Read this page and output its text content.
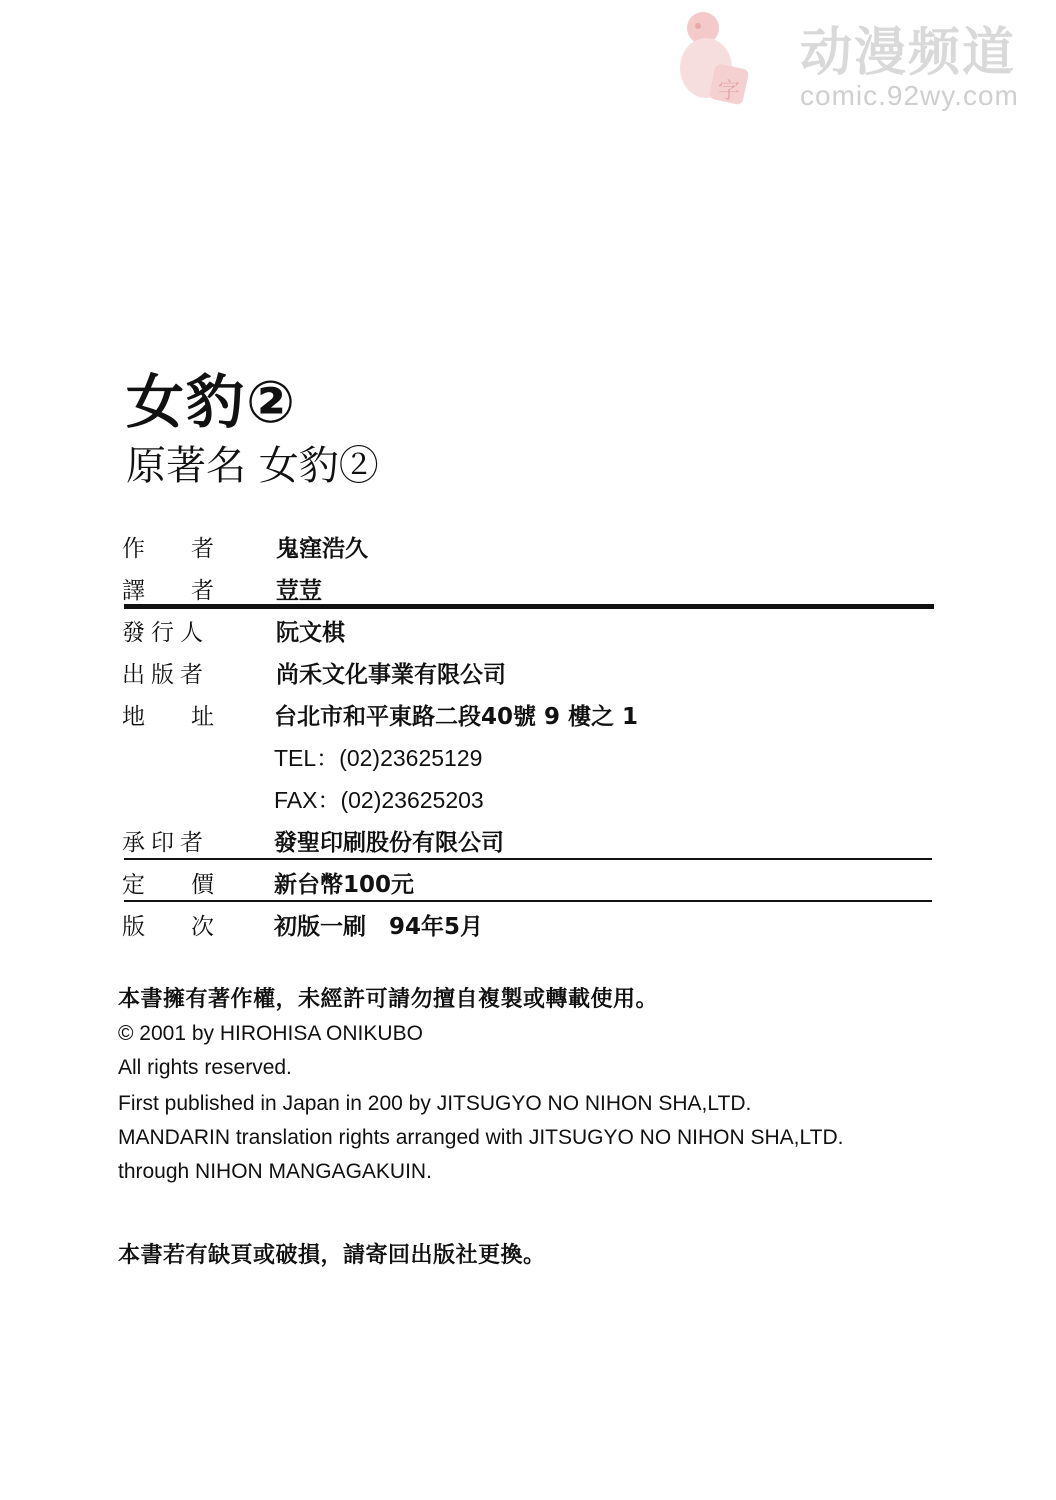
字
动漫频道
comic.92wy.com
女豹②
原著名 女豹②
作　　者	鬼窪浩久
譯　　者	荳荳
發行人	阮文棋
出版者	尚禾文化事業有限公司
地　　址	台北市和平東路二段40號 9 樓之 1
TEL：(02)23625129
FAX：(02)23625203
承印者	發聖印刷股份有限公司
定　　價	新台幣100元
版　　次	初版一刷　94年5月
本書擁有著作權，未經許可請勿擅自複製或轉載使用。
© 2001 by HIROHISA ONIKUBO
All rights reserved.
First published in Japan in 200 by JITSUGYO NO NIHON SHA,LTD.
MANDARIN translation rights arranged with JITSUGYO NO NIHON SHA,LTD.
through NIHON MANGAGAKUIN.
本書若有缺頁或破損，請寄回出版社更換。
